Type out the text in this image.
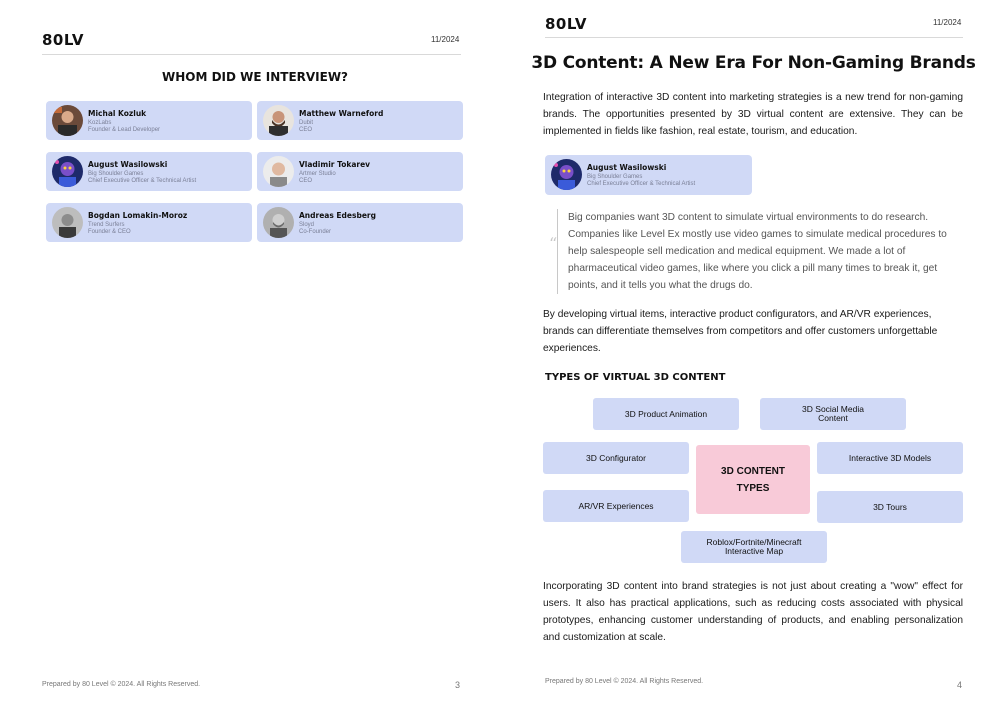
80LV	11/2024
WHOM DID WE INTERVIEW?
Michal Kozluk
KozLabs
Founder & Lead Developer
Matthew Warneford
Dubit
CEO
August Wasilowski
Big Shoulder Games
Chief Executive Officer & Technical Artist
Vladimir Tokarev
Artmer Studio
CEO
Bogdan Lomakin-Moroz
Trend Surfers
Founder & CEO
Andreas Edesberg
Sloyd
Co-Founder
Prepared by 80 Level © 2024. All Rights Reserved.	3
80LV	11/2024
3D Content: A New Era For Non-Gaming Brands

Integration of interactive 3D content into marketing strategies is a new trend for non-gaming brands. The opportunities presented by 3D virtual content are extensive. They can be implemented in fields like fashion, real estate, tourism, and education.

August Wasilowski
Big Shoulder Games
Chief Executive Officer & Technical Artist
“

Big companies want 3D content to simulate virtual environments to do research. Companies like Level Ex mostly use video games to simulate medical procedures to help salespeople sell medication and medical equipment. We made a lot of pharmaceutical video games, like where you click a pill many times to break it, get points, and it tells you what the drugs do.

By developing virtual items, interactive product configurators, and AR/VR experiences, brands can differentiate themselves from competitors and offer customers unforgettable experiences.

TYPES OF VIRTUAL 3D CONTENT
3D Product Animation	3D Social Media Content
3D Configurator	Interactive 3D Models
AR/VR Experiences	3D Tours
Roblox/Fortnite/Minecraft Interactive Map
3D CONTENT
TYPES

Incorporating 3D content into brand strategies is not just about creating a "wow" effect for users. It also has practical applications, such as reducing costs associated with physical prototypes, enhancing customer understanding of products, and enabling personalization and customization at scale.

Prepared by 80 Level © 2024. All Rights Reserved.	4
